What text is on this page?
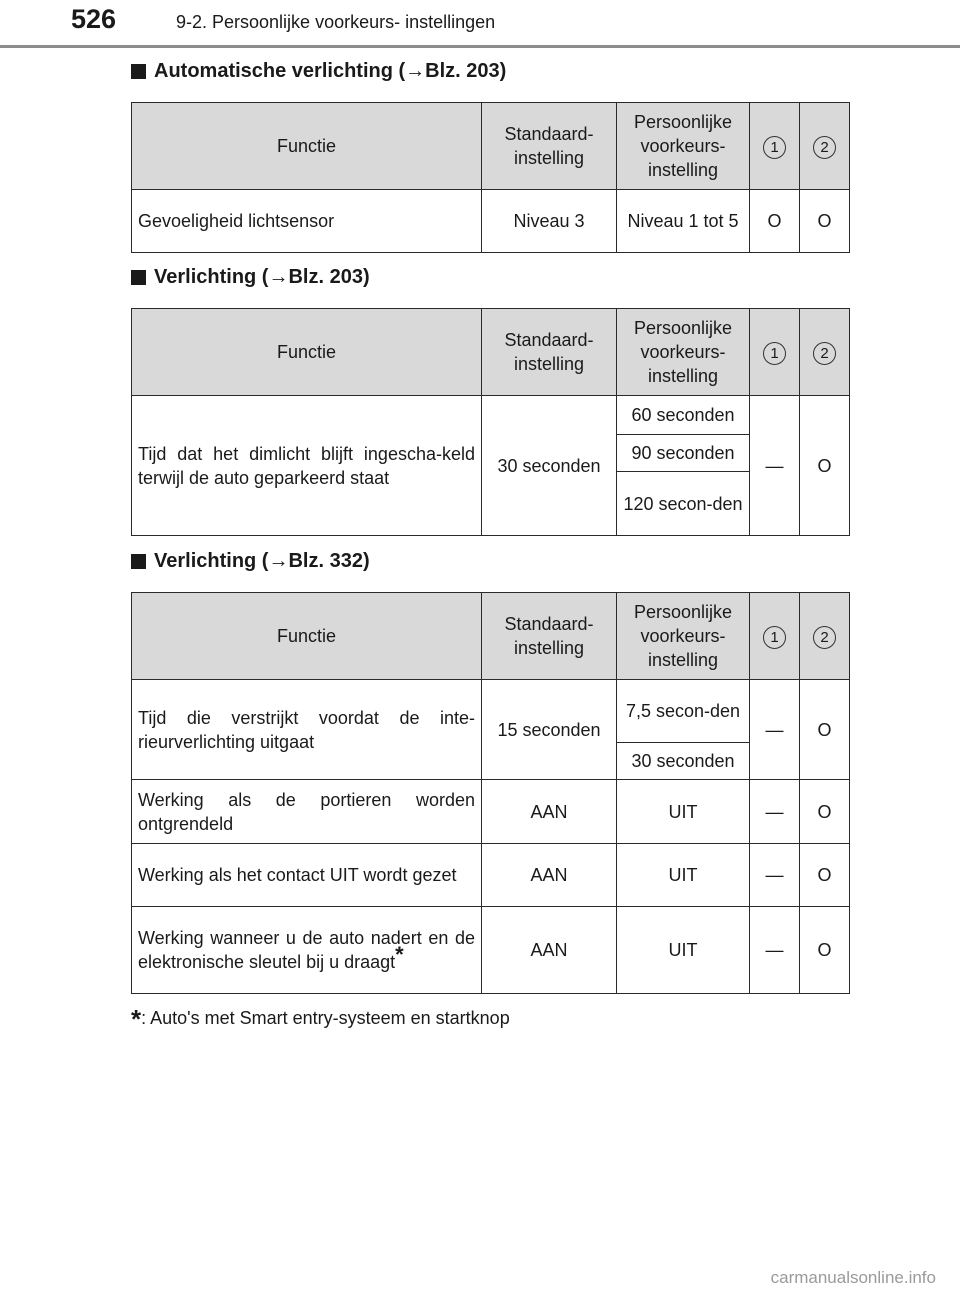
526	9-2. Persoonlijke voorkeurs- instellingen
Automatische verlichting ( → Blz. 203)
Functie	Standaard-instelling	Persoonlijke voorkeurs-instelling	1	2
Gevoeligheid lichtsensor	Niveau 3	Niveau 1 tot 5	O	O
Verlichting ( → Blz. 203)
Functie	Standaard-instelling	Persoonlijke voorkeurs-instelling	1	2
Tijd dat het dimlicht blijft ingescha-keld terwijl de auto geparkeerd staat	30 seconden	60 seconden	—	O
		90 seconden		
		120 secon-den		
Verlichting ( → Blz. 332)
Functie	Standaard-instelling	Persoonlijke voorkeurs-instelling	1	2
Tijd die verstrijkt voordat de inte-rieurverlichting uitgaat	15 seconden	7,5 secon-den	—	O
		30 seconden		
Werking als de portieren worden ontgrendeld	AAN	UIT	—	O
Werking als het contact UIT wordt gezet	AAN	UIT	—	O
Werking wanneer u de auto nadert en de elektronische sleutel bij u draagt*	AAN	UIT	—	O
*: Auto's met Smart entry-systeem en startknop
carmanualsonline.info
